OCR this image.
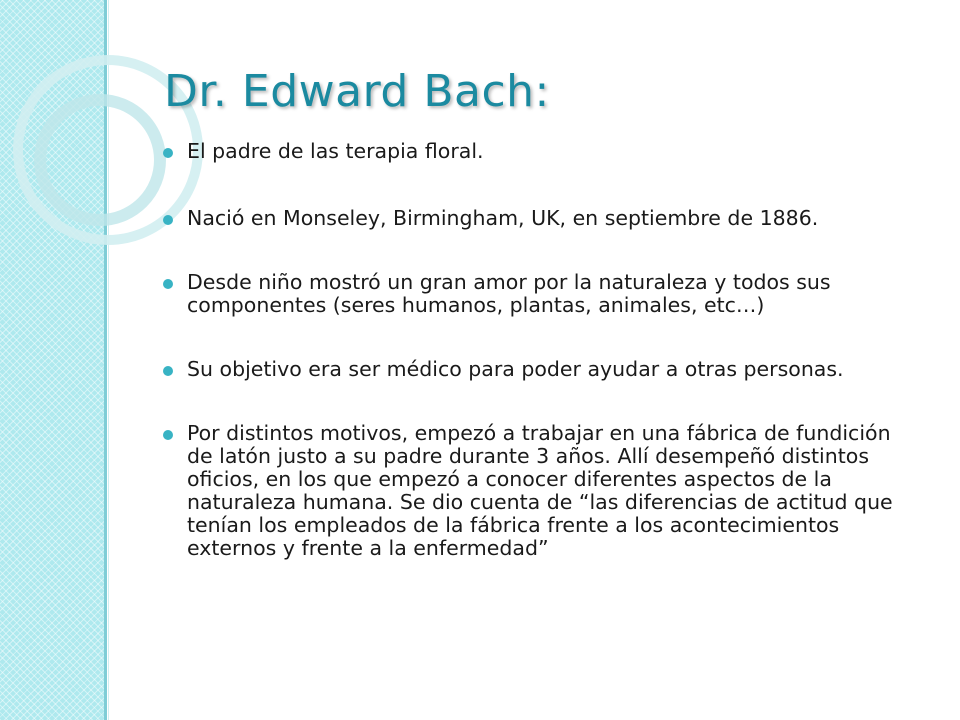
Dr. Edward Bach:
El padre de las terapia floral.
Nació en Monseley, Birmingham, UK, en septiembre de 1886.
Desde niño mostró un gran amor por la naturaleza y todos sus componentes (seres humanos, plantas, animales, etc…)
Su objetivo era ser médico para poder ayudar a otras personas.
Por distintos motivos, empezó a trabajar en una fábrica de fundición de latón justo a su padre durante 3 años. Allí desempeñó distintos oficios, en los que empezó a conocer diferentes aspectos de la naturaleza humana. Se dio cuenta de “las diferencias de actitud que tenían los empleados de la fábrica frente a los acontecimientos externos y frente a la enfermedad”
